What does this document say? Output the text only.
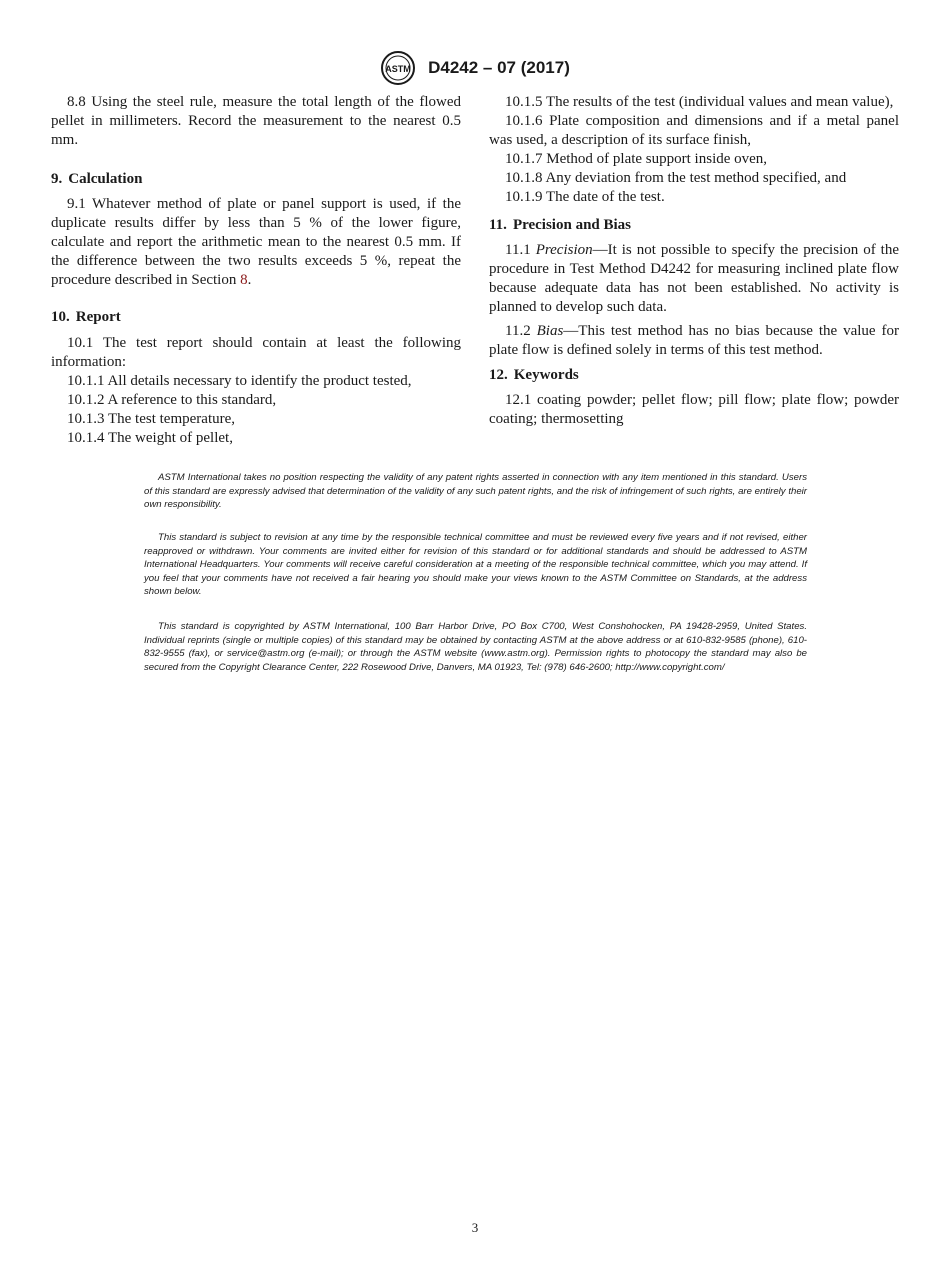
ASTM D4242 – 07 (2017)

8.8 Using the steel rule, measure the total length of the flowed pellet in millimeters. Record the measurement to the nearest 0.5 mm.

9. Calculation

9.1 Whatever method of plate or panel support is used, if the duplicate results differ by less than 5 % of the lower figure, calculate and report the arithmetic mean to the nearest 0.5 mm. If the difference between the two results exceeds 5 %, repeat the procedure described in Section 8.

10. Report

10.1 The test report should contain at least the following information:

10.1.1 All details necessary to identify the product tested,

10.1.2 A reference to this standard,

10.1.3 The test temperature,

10.1.4 The weight of pellet,

10.1.5 The results of the test (individual values and mean value),

10.1.6 Plate composition and dimensions and if a metal panel was used, a description of its surface finish,

10.1.7 Method of plate support inside oven,

10.1.8 Any deviation from the test method specified, and

10.1.9 The date of the test.

11. Precision and Bias

11.1 Precision—It is not possible to specify the precision of the procedure in Test Method D4242 for measuring inclined plate flow because adequate data has not been established. No activity is planned to develop such data.

11.2 Bias—This test method has no bias because the value for plate flow is defined solely in terms of this test method.

12. Keywords

12.1 coating powder; pellet flow; pill flow; plate flow; powder coating; thermosetting

ASTM International takes no position respecting the validity of any patent rights asserted in connection with any item mentioned in this standard. Users of this standard are expressly advised that determination of the validity of any such patent rights, and the risk of infringement of such rights, are entirely their own responsibility.

This standard is subject to revision at any time by the responsible technical committee and must be reviewed every five years and if not revised, either reapproved or withdrawn. Your comments are invited either for revision of this standard or for additional standards and should be addressed to ASTM International Headquarters. Your comments will receive careful consideration at a meeting of the responsible technical committee, which you may attend. If you feel that your comments have not received a fair hearing you should make your views known to the ASTM Committee on Standards, at the address shown below.

This standard is copyrighted by ASTM International, 100 Barr Harbor Drive, PO Box C700, West Conshohocken, PA 19428-2959, United States. Individual reprints (single or multiple copies) of this standard may be obtained by contacting ASTM at the above address or at 610-832-9585 (phone), 610-832-9555 (fax), or service@astm.org (e-mail); or through the ASTM website (www.astm.org). Permission rights to photocopy the standard may also be secured from the Copyright Clearance Center, 222 Rosewood Drive, Danvers, MA 01923, Tel: (978) 646-2600; http://www.copyright.com/

3
